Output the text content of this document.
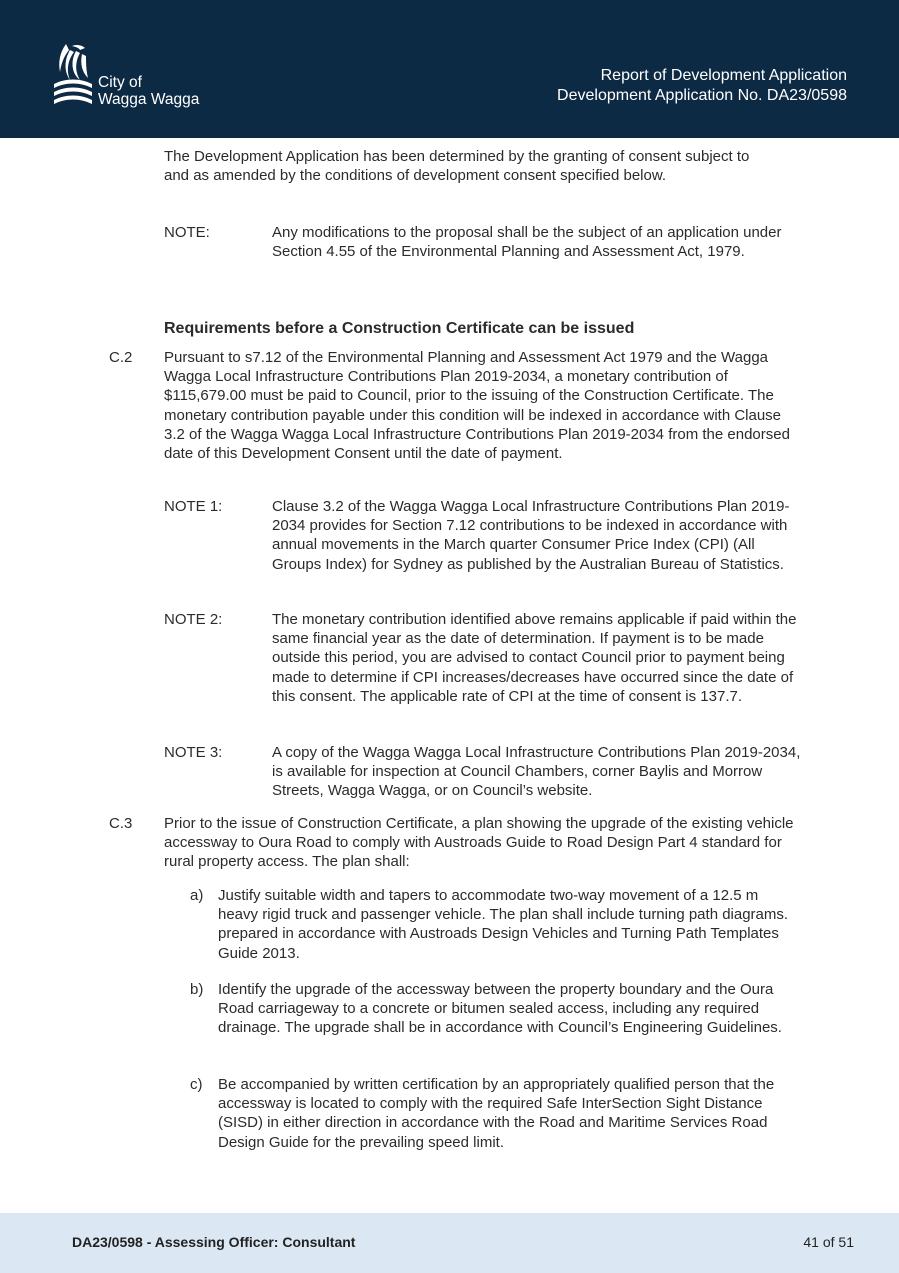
City of
Wagga Wagga
Report of Development Application
Development Application No. DA23/0598

The Development Application has been determined by the granting of consent subject to and as amended by the conditions of development consent specified below.

NOTE:	Any modifications to the proposal shall be the subject of an application under Section 4.55 of the Environmental Planning and Assessment Act, 1979.

Requirements before a Construction Certificate can be issued
C.2 Pursuant to s7.12 of the Environmental Planning and Assessment Act 1979 and the Wagga Wagga Local Infrastructure Contributions Plan 2019-2034, a monetary contribution of $115,679.00 must be paid to Council, prior to the issuing of the Construction Certificate. The monetary contribution payable under this condition will be indexed in accordance with Clause 3.2 of the Wagga Wagga Local Infrastructure Contributions Plan 2019-2034 from the endorsed date of this Development Consent until the date of payment.

NOTE 1:	Clause 3.2 of the Wagga Wagga Local Infrastructure Contributions Plan 2019-2034 provides for Section 7.12 contributions to be indexed in accordance with annual movements in the March quarter Consumer Price Index (CPI) (All Groups Index) for Sydney as published by the Australian Bureau of Statistics.

NOTE 2:	The monetary contribution identified above remains applicable if paid within the same financial year as the date of determination. If payment is to be made outside this period, you are advised to contact Council prior to payment being made to determine if CPI increases/decreases have occurred since the date of this consent. The applicable rate of CPI at the time of consent is 137.7.

NOTE 3:	A copy of the Wagga Wagga Local Infrastructure Contributions Plan 2019-2034, is available for inspection at Council Chambers, corner Baylis and Morrow Streets, Wagga Wagga, or on Council’s website.

C.3 Prior to the issue of Construction Certificate, a plan showing the upgrade of the existing vehicle accessway to Oura Road to comply with Austroads Guide to Road Design Part 4 standard for rural property access. The plan shall:

a) Justify suitable width and tapers to accommodate two-way movement of a 12.5 m heavy rigid truck and passenger vehicle. The plan shall include turning path diagrams. prepared in accordance with Austroads Design Vehicles and Turning Path Templates Guide 2013.

b) Identify the upgrade of the accessway between the property boundary and the Oura Road carriageway to a concrete or bitumen sealed access, including any required drainage. The upgrade shall be in accordance with Council’s Engineering Guidelines.

c) Be accompanied by written certification by an appropriately qualified person that the accessway is located to comply with the required Safe InterSection Sight Distance (SISD) in either direction in accordance with the Road and Maritime Services Road Design Guide for the prevailing speed limit.

DA23/0598 - Assessing Officer: Consultant	41 of 51
